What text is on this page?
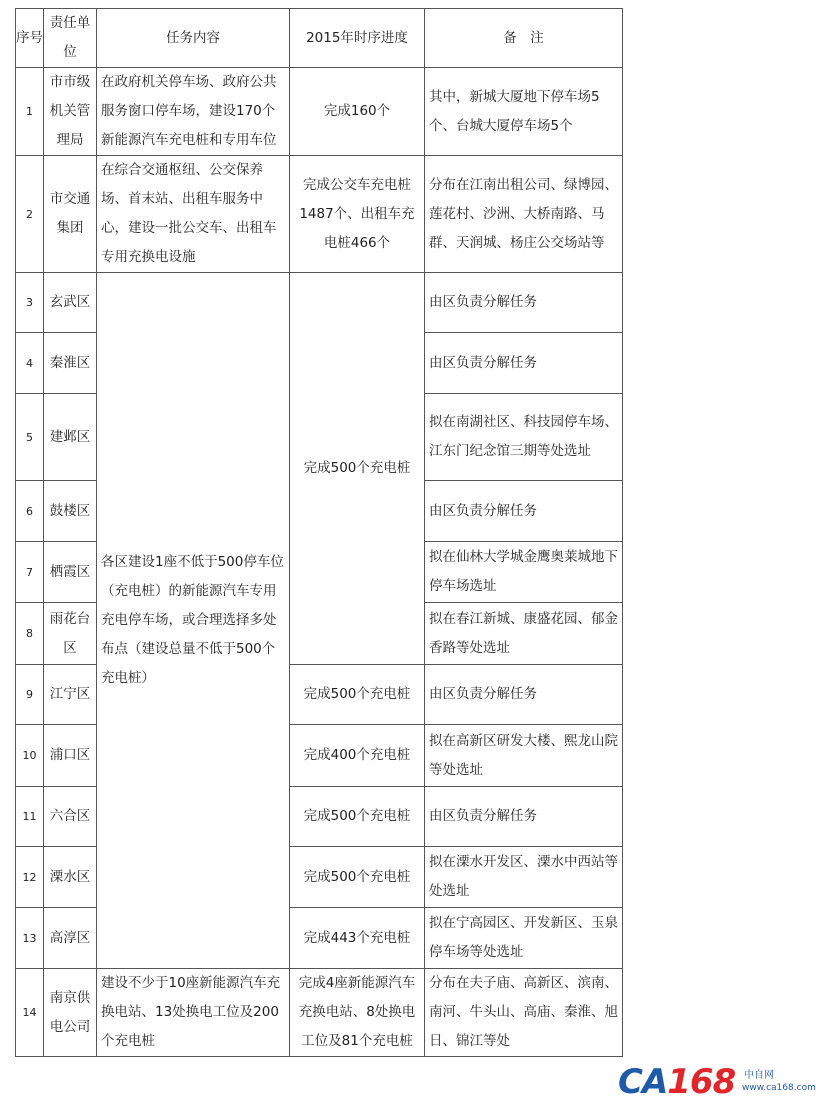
序号	责任单位	任务内容	2015年时序进度	备　注
1	市市级机关管理局	在政府机关停车场、政府公共服务窗口停车场，建设170个新能源汽车充电桩和专用车位	完成160个	其中，新城大厦地下停车场5个、台城大厦停车场5个
2	市交通集团	在综合交通枢纽、公交保养场、首末站、出租车服务中心，建设一批公交车、出租车专用充换电设施	完成公交车充电桩1487个、出租车充电桩466个	分布在江南出租公司、绿博园、莲花村、沙洲、大桥南路、马群、天润城、杨庄公交场站等
3	玄武区	各区建设1座不低于500停车位（充电桩）的新能源汽车专用充电停车场，或合理选择多处布点（建设总量不低于500个充电桩）	完成500个充电桩	由区负责分解任务
4	秦淮区			由区负责分解任务
5	建邺区			拟在南湖社区、科技园停车场、江东门纪念馆三期等处选址
6	鼓楼区			由区负责分解任务
7	栖霞区			拟在仙林大学城金鹰奥莱城地下停车场选址
8	雨花台区			拟在春江新城、康盛花园、郁金香路等处选址
9	江宁区		完成500个充电桩	由区负责分解任务
10	浦口区		完成400个充电桩	拟在高新区研发大楼、熙龙山院等处选址
11	六合区		完成500个充电桩	由区负责分解任务
12	溧水区		完成500个充电桩	拟在溧水开发区、溧水中西站等处选址
13	高淳区		完成443个充电桩	拟在宁高园区、开发新区、玉泉停车场等处选址
14	南京供电公司	建设不少于10座新能源汽车充换电站、13处换电工位及200个充电桩	完成4座新能源汽车充换电站、8处换电工位及81个充电桩	分布在夫子庙、高新区、滨南、南河、牛头山、高庙、秦淮、旭日、锦江等处
CA168 中自网
www.ca168.com
